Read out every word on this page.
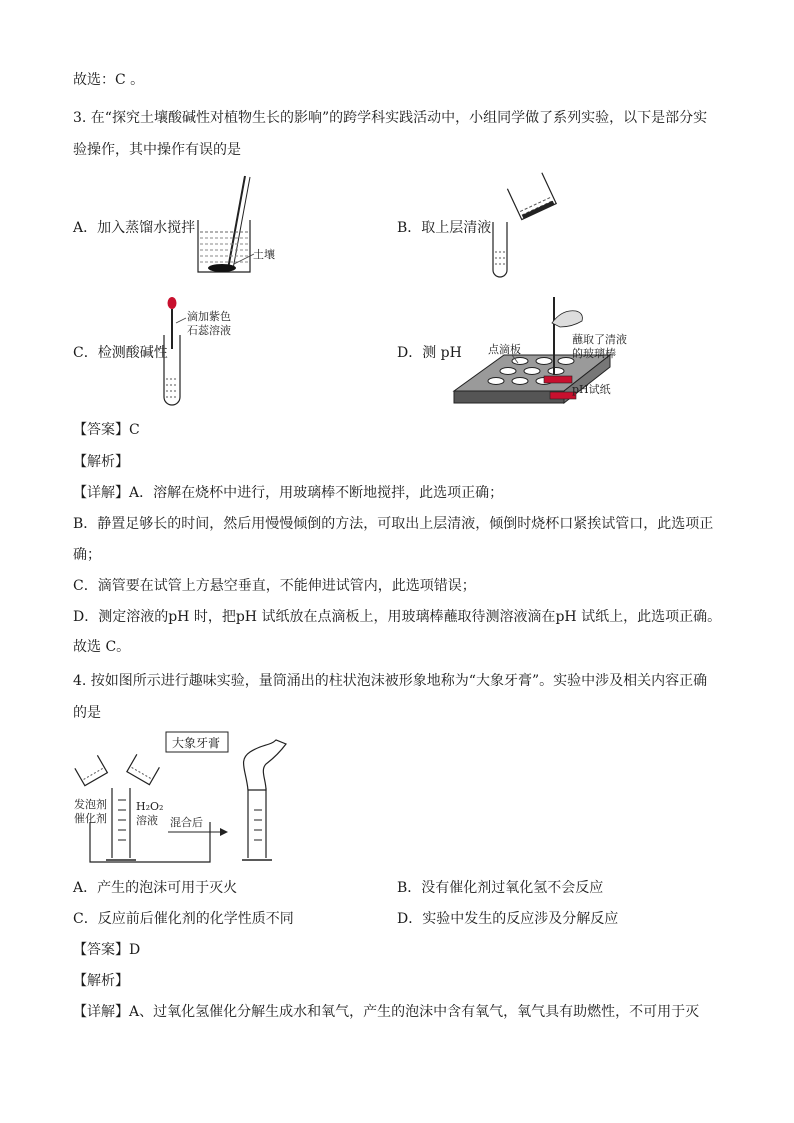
故选：C 。
3. 在“探究土壤酸碱性对植物生长的影响”的跨学科实践活动中，小组同学做了系列实验，以下是部分实
验操作，其中操作有误的是
A．加入蒸馏水搅拌	B．取上层清液
C．检测酸碱性	D．测 pH
土壤
滴加紫色
石蕊溶液
点滴板
蘸取了清液
的玻璃棒
pH试纸
【答案】C
【解析】
【详解】A．溶解在烧杯中进行，用玻璃棒不断地搅拌，此选项正确；
B．静置足够长的时间，然后用慢慢倾倒的方法，可取出上层清液，倾倒时烧杯口紧挨试管口，此选项正
确；
C．滴管要在试管上方悬空垂直，不能伸进试管内，此选项错误；
D．测定溶液的pH 时，把pH 试纸放在点滴板上，用玻璃棒蘸取待测溶液滴在pH 试纸上，此选项正确。
故选 C。
4. 按如图所示进行趣味实验，量筒涌出的柱状泡沫被形象地称为“大象牙膏”。实验中涉及相关内容正确
的是
发泡剂
催化剂
H₂O₂
溶液 混合后
大象牙膏
A．产生的泡沫可用于灭火	B．没有催化剂过氧化氢不会反应
C．反应前后催化剂的化学性质不同	D．实验中发生的反应涉及分解反应
【答案】D
【解析】
【详解】A、过氧化氢催化分解生成水和氧气，产生的泡沫中含有氧气，氧气具有助燃性，不可用于灭
